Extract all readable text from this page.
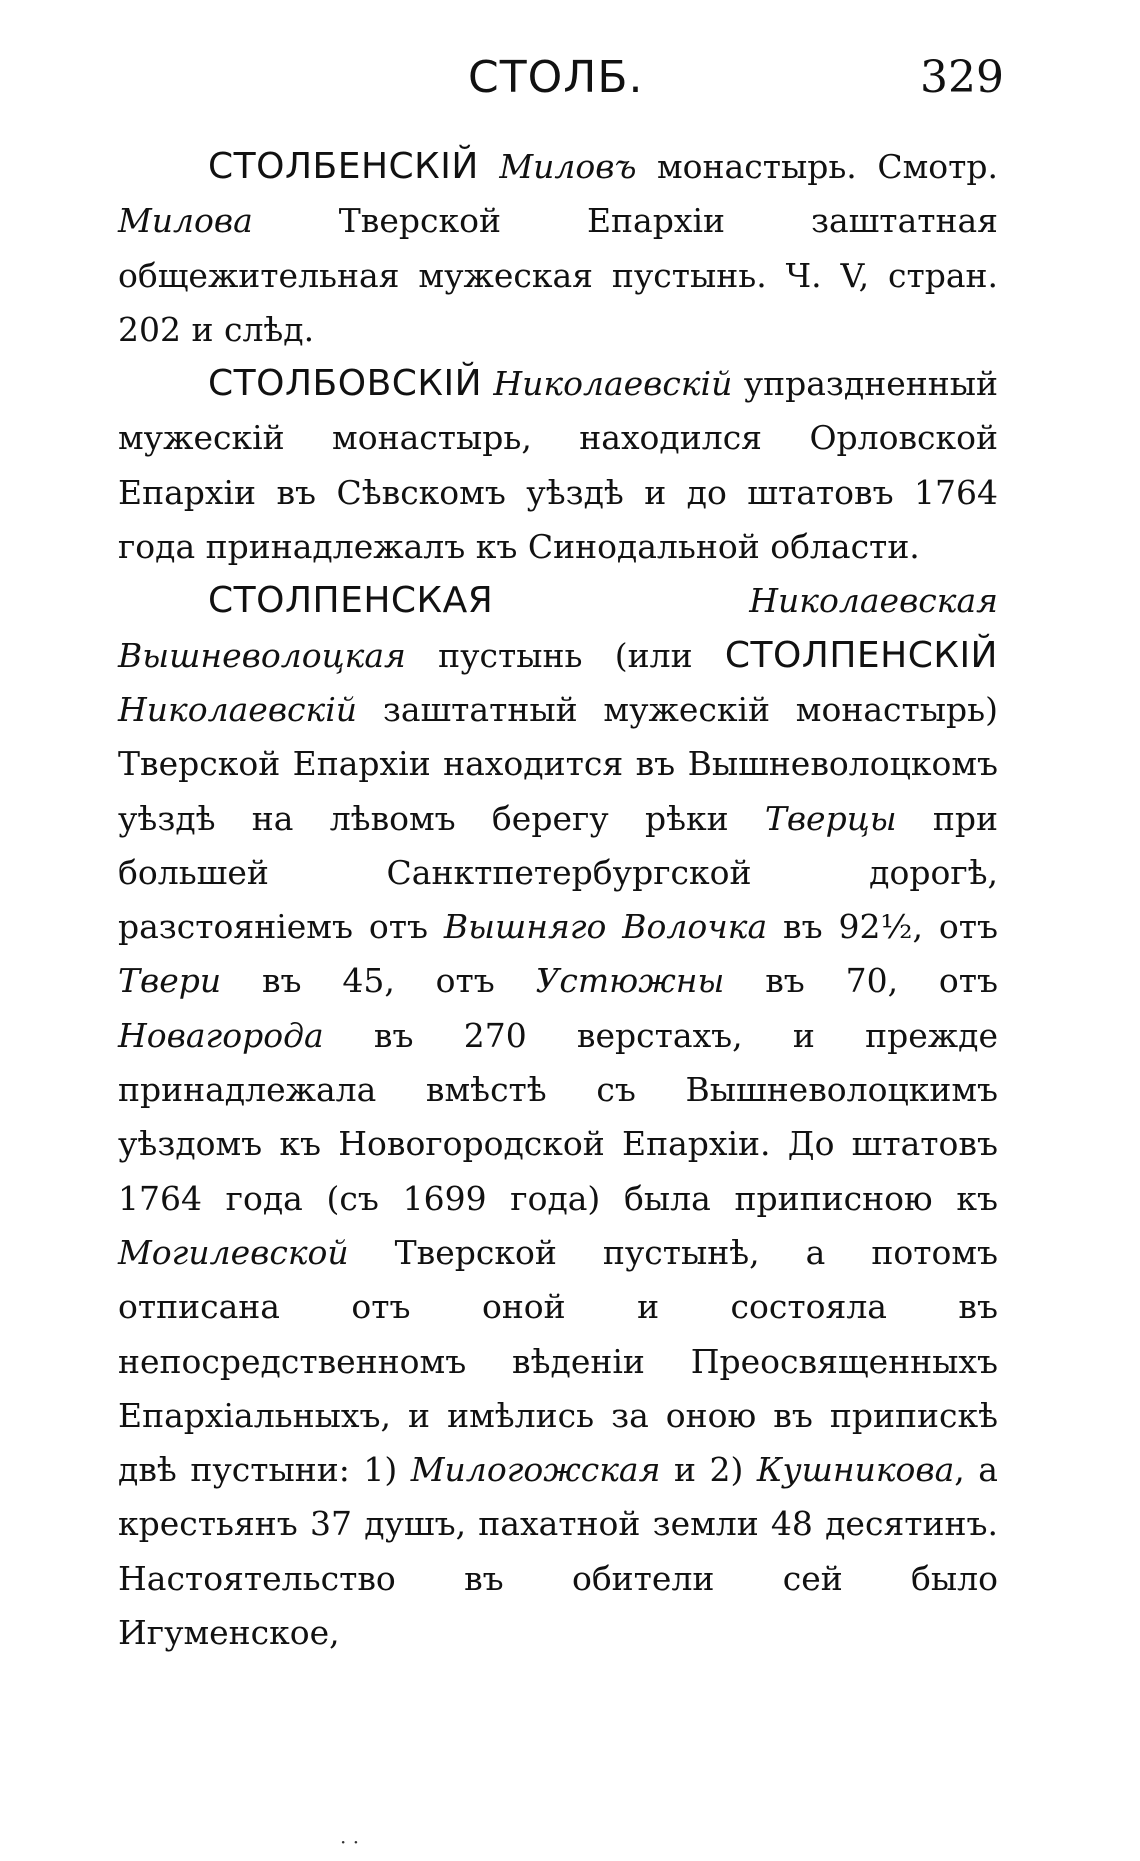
СТОЛБ.	329

СТОЛБЕНСКІЙ Миловъ монастырь. Смотр. Милова Тверской Епархіи заштатная общежительная мужеская пустынь. Ч. V, стран. 202 и слѣд.

СТОЛБОВСКІЙ Николаевскій упраздненный мужескій монастырь, находился Орловской Епархіи въ Сѣвскомъ уѣздѣ и до штатовъ 1764 года принадлежалъ къ Синодальной области.

СТОЛПЕНСКАЯ	Николаевская Вышневолоцкая пустынь (или СТОЛПЕНСКІЙ Николаевскій заштатный мужескій монастырь) Тверской Епархіи находится въ Вышневолоцкомъ уѣздѣ на лѣвомъ берегу рѣки Тверцы при большей Санктпетербургской дорогѣ, разстояніемъ отъ Вышняго Волочка въ 92½, отъ Твери въ 45, отъ Устюжны въ 70, отъ Новагорода въ 270 верстахъ, и прежде принадлежала вмѣстѣ съ Вышневолоцкимъ уѣздомъ къ Новогородской Епархіи. До штатовъ 1764 года (съ 1699 года) была приписною къ Могилевской Тверской пустынѣ, а потомъ отписана отъ оной и состояла въ непосредственномъ вѣденіи Преосвященныхъ Епархіальныхъ, и имѣлись за оною въ припискѣ двѣ пустыни: 1) Милогожская и 2) Кушникова, а крестьянъ 37 душъ, пахатной земли 48 десятинъ. Настоятельство въ обители сей было Игуменское,

· ·
